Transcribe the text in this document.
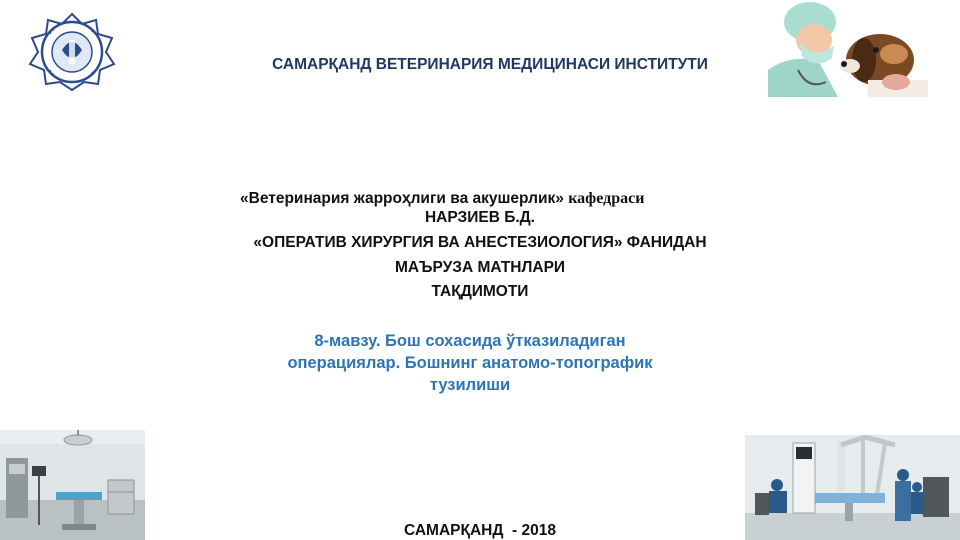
САМАРҚАНД ВЕТЕРИНАРИЯ МЕДИЦИНАСИ ИНСТИТУТИ
«Ветеринария жарроҳлиги ва акушерлик» кафедраси
НАРЗИЕВ Б.Д.
«ОПЕРАТИВ ХИРУРГИЯ ВА АНЕСТЕЗИОЛОГИЯ» ФАНИДАН
МАЪРУЗА МАТНЛАРИ
ТАҚДИМОТИ
8-мавзу. Бош сохасида ўтказиладиган
операциялар. Бошнинг анатомо-топографик
тузилиши
САМАРҚАНД  - 2018
